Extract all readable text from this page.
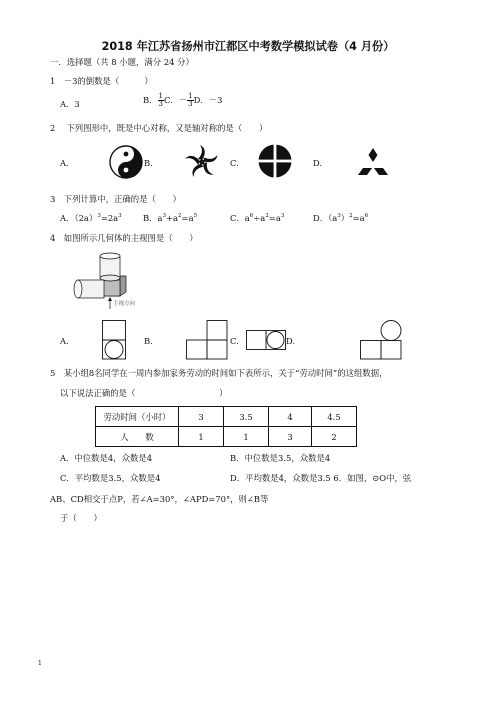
2018 年江苏省扬州市江都区中考数学模拟试卷（4 月份）
一．选择题（共 8 小题，满分 24 分）
1　－3的倒数是（　　　）
A．3	B． $\frac{1}{3}$ C．－ $\frac{1}{3}$ D．－3
2　 下列图形中，既是中心对称，又是轴对称的是（　　）
A.	B.	C.	D.
3　下列计算中，正确的是（　　）
A．$(2a)^3=2a^3$	B．$a^3+a^2=a^5$	C．$a^6\div a^2=a^3$	D．$(a^3)^2=a^6$
4　如图所示几何体的主视图是（　　）
主视方向
A.	B.	C.	D.
5　某小组8名同学在一周内参加家务劳动的时间如下表所示，关于“劳动时间”的这组数据，
以下说法正确的是（　　　　　　　　　　）
劳动时间（小时）	3	3.5	4	4.5
人　　数	1	1	3	2
A．中位数是4，众数是4	B．中位数是3.5，众数是4
C．平均数是3.5，众数是4	D．平均数是4，众数是3.5 6．如图，⊙O中，弦
AB、CD相交于点P，若∠A=30°，∠APD=70°，则∠B等
于（　　）
1
